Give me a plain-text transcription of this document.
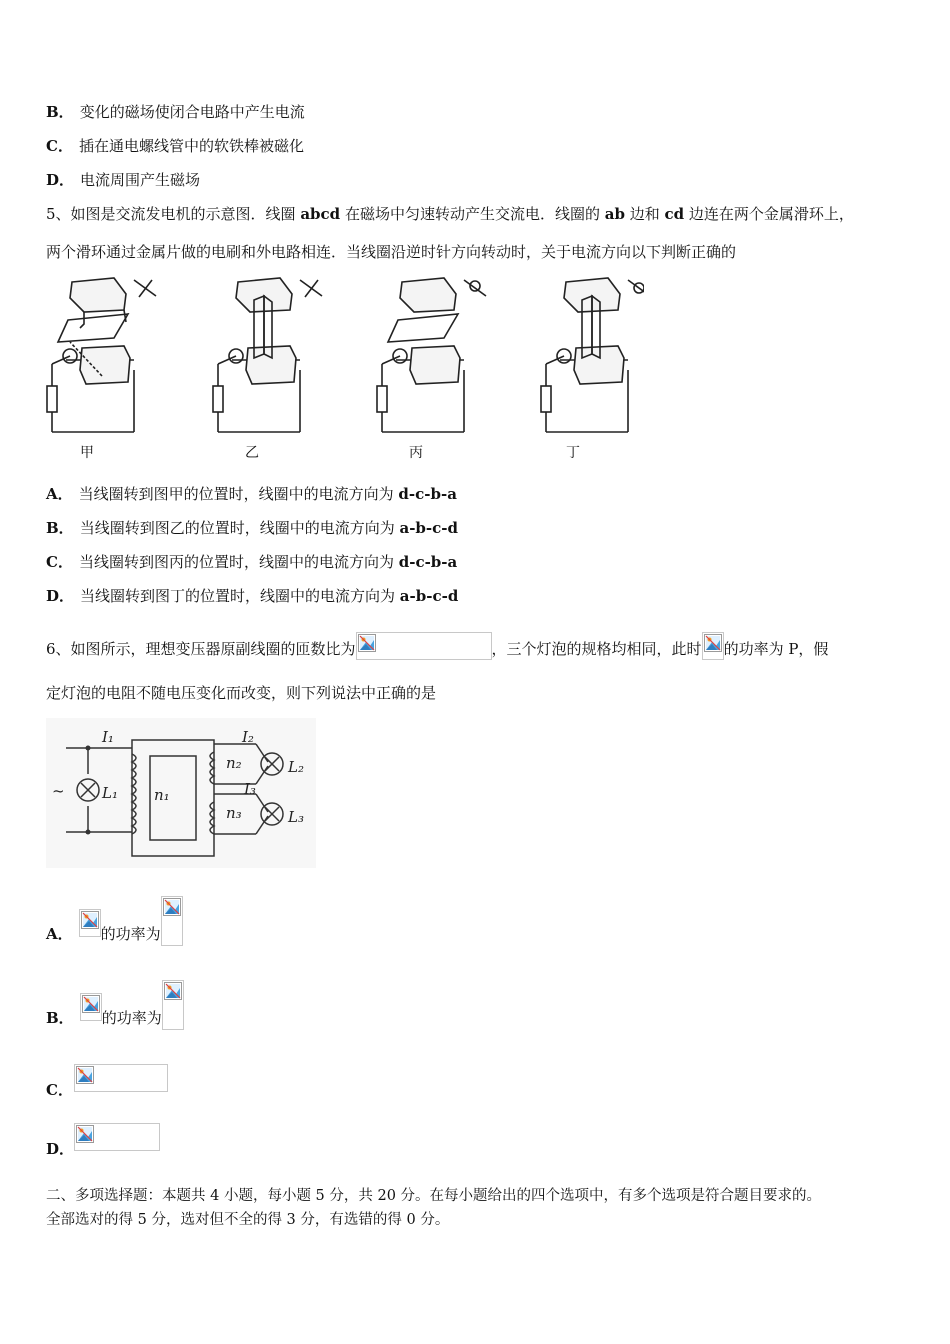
B． 变化的磁场使闭合电路中产生电流
C． 插在通电螺线管中的软铁棒被磁化
D． 电流周围产生磁场
5、如图是交流发电机的示意图．线圈 abcd 在磁场中匀速转动产生交流电．线圈的 ab 边和 cd 边连在两个金属滑环上，
两个滑环通过金属片做的电刷和外电路相连．当线圈沿逆时针方向转动时，关于电流方向以下判断正确的
甲	乙	丙	丁
A． 当线圈转到图甲的位置时，线圈中的电流方向为 d-c-b-a
B． 当线圈转到图乙的位置时，线圈中的电流方向为 a-b-c-d
C． 当线圈转到图丙的位置时，线圈中的电流方向为 d-c-b-a
D． 当线圈转到图丁的位置时，线圈中的电流方向为 a-b-c-d
6、如图所示，理想变压器原副线圈的匝数比为	，三个灯泡的规格均相同，此时 的功率为 P，假
定灯泡的电阻不随电压变化而改变，则下列说法中正确的是
I₁	I₂
I₃
L₁
L₂
L₃
n₁
n₂
n₃
~
A． 的功率为
B． 的功率为
C．
D．
二、多项选择题：本题共 4 小题，每小题 5 分，共 20 分。在每小题给出的四个选项中，有多个选项是符合题目要求的。
全部选对的得 5 分，选对但不全的得 3 分，有选错的得 0 分。
